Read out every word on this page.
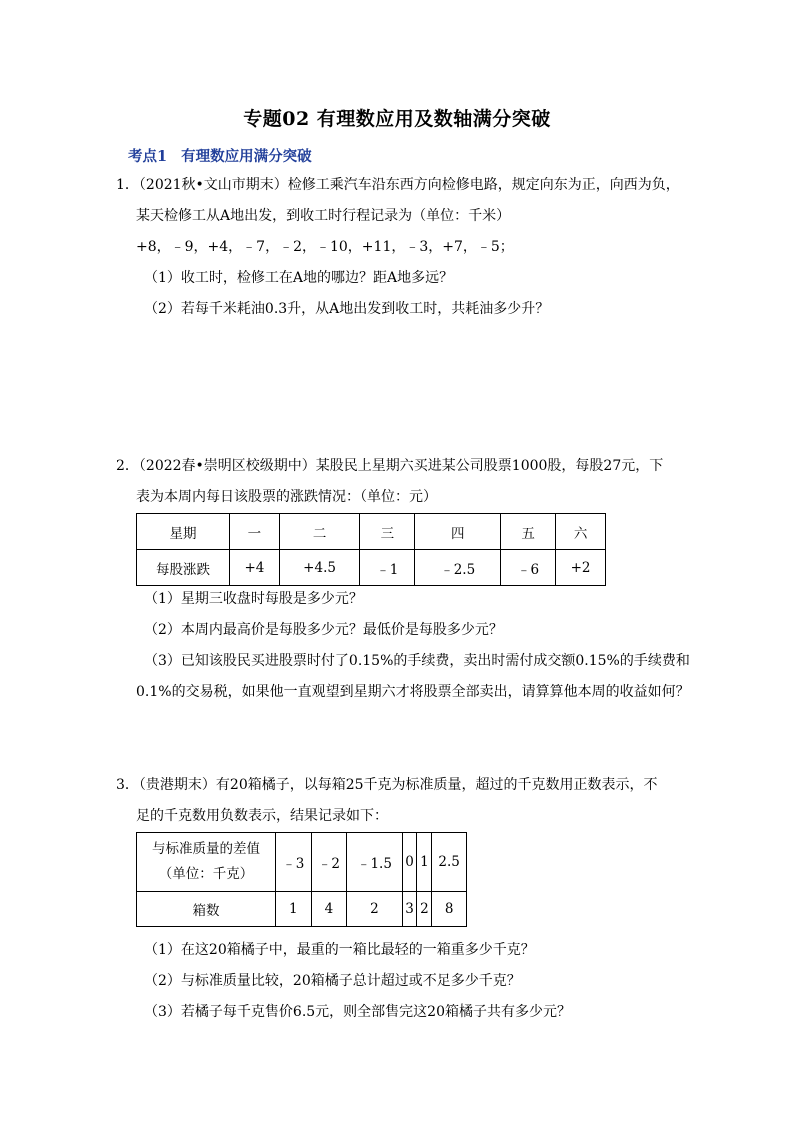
专题02 有理数应用及数轴满分突破
考点1 有理数应用满分突破
1．（2021秋•文山市期末）检修工乘汽车沿东西方向检修电路，规定向东为正，向西为负，
某天检修工从A地出发，到收工时行程记录为（单位：千米）
+8，﹣9，+4，﹣7，﹣2，﹣10，+11，﹣3，+7，﹣5；
（1）收工时，检修工在A地的哪边？距A地多远？
（2）若每千米耗油0.3升，从A地出发到收工时，共耗油多少升？
2．（2022春•崇明区校级期中）某股民上星期六买进某公司股票1000股，每股27元，下
表为本周内每日该股票的涨跌情况：（单位：元）
星期	一	二	三	四	五	六
每股涨跌	+4	+4.5	﹣1	﹣2.5	﹣6	+2
（1）星期三收盘时每股是多少元？
（2）本周内最高价是每股多少元？最低价是每股多少元？
（3）已知该股民买进股票时付了0.15%的手续费，卖出时需付成交额0.15%的手续费和
0.1%的交易税，如果他一直观望到星期六才将股票全部卖出，请算算他本周的收益如何？
3．（贵港期末）有20箱橘子，以每箱25千克为标准质量，超过的千克数用正数表示，不
足的千克数用负数表示，结果记录如下：
与标准质量的差值
（单位：千克）	﹣3	﹣2	﹣1.5	0	1	2.5
箱数	1	4	2	3	2	8
（1）在这20箱橘子中，最重的一箱比最轻的一箱重多少千克？
（2）与标准质量比较，20箱橘子总计超过或不足多少千克？
（3）若橘子每千克售价6.5元，则全部售完这20箱橘子共有多少元？
